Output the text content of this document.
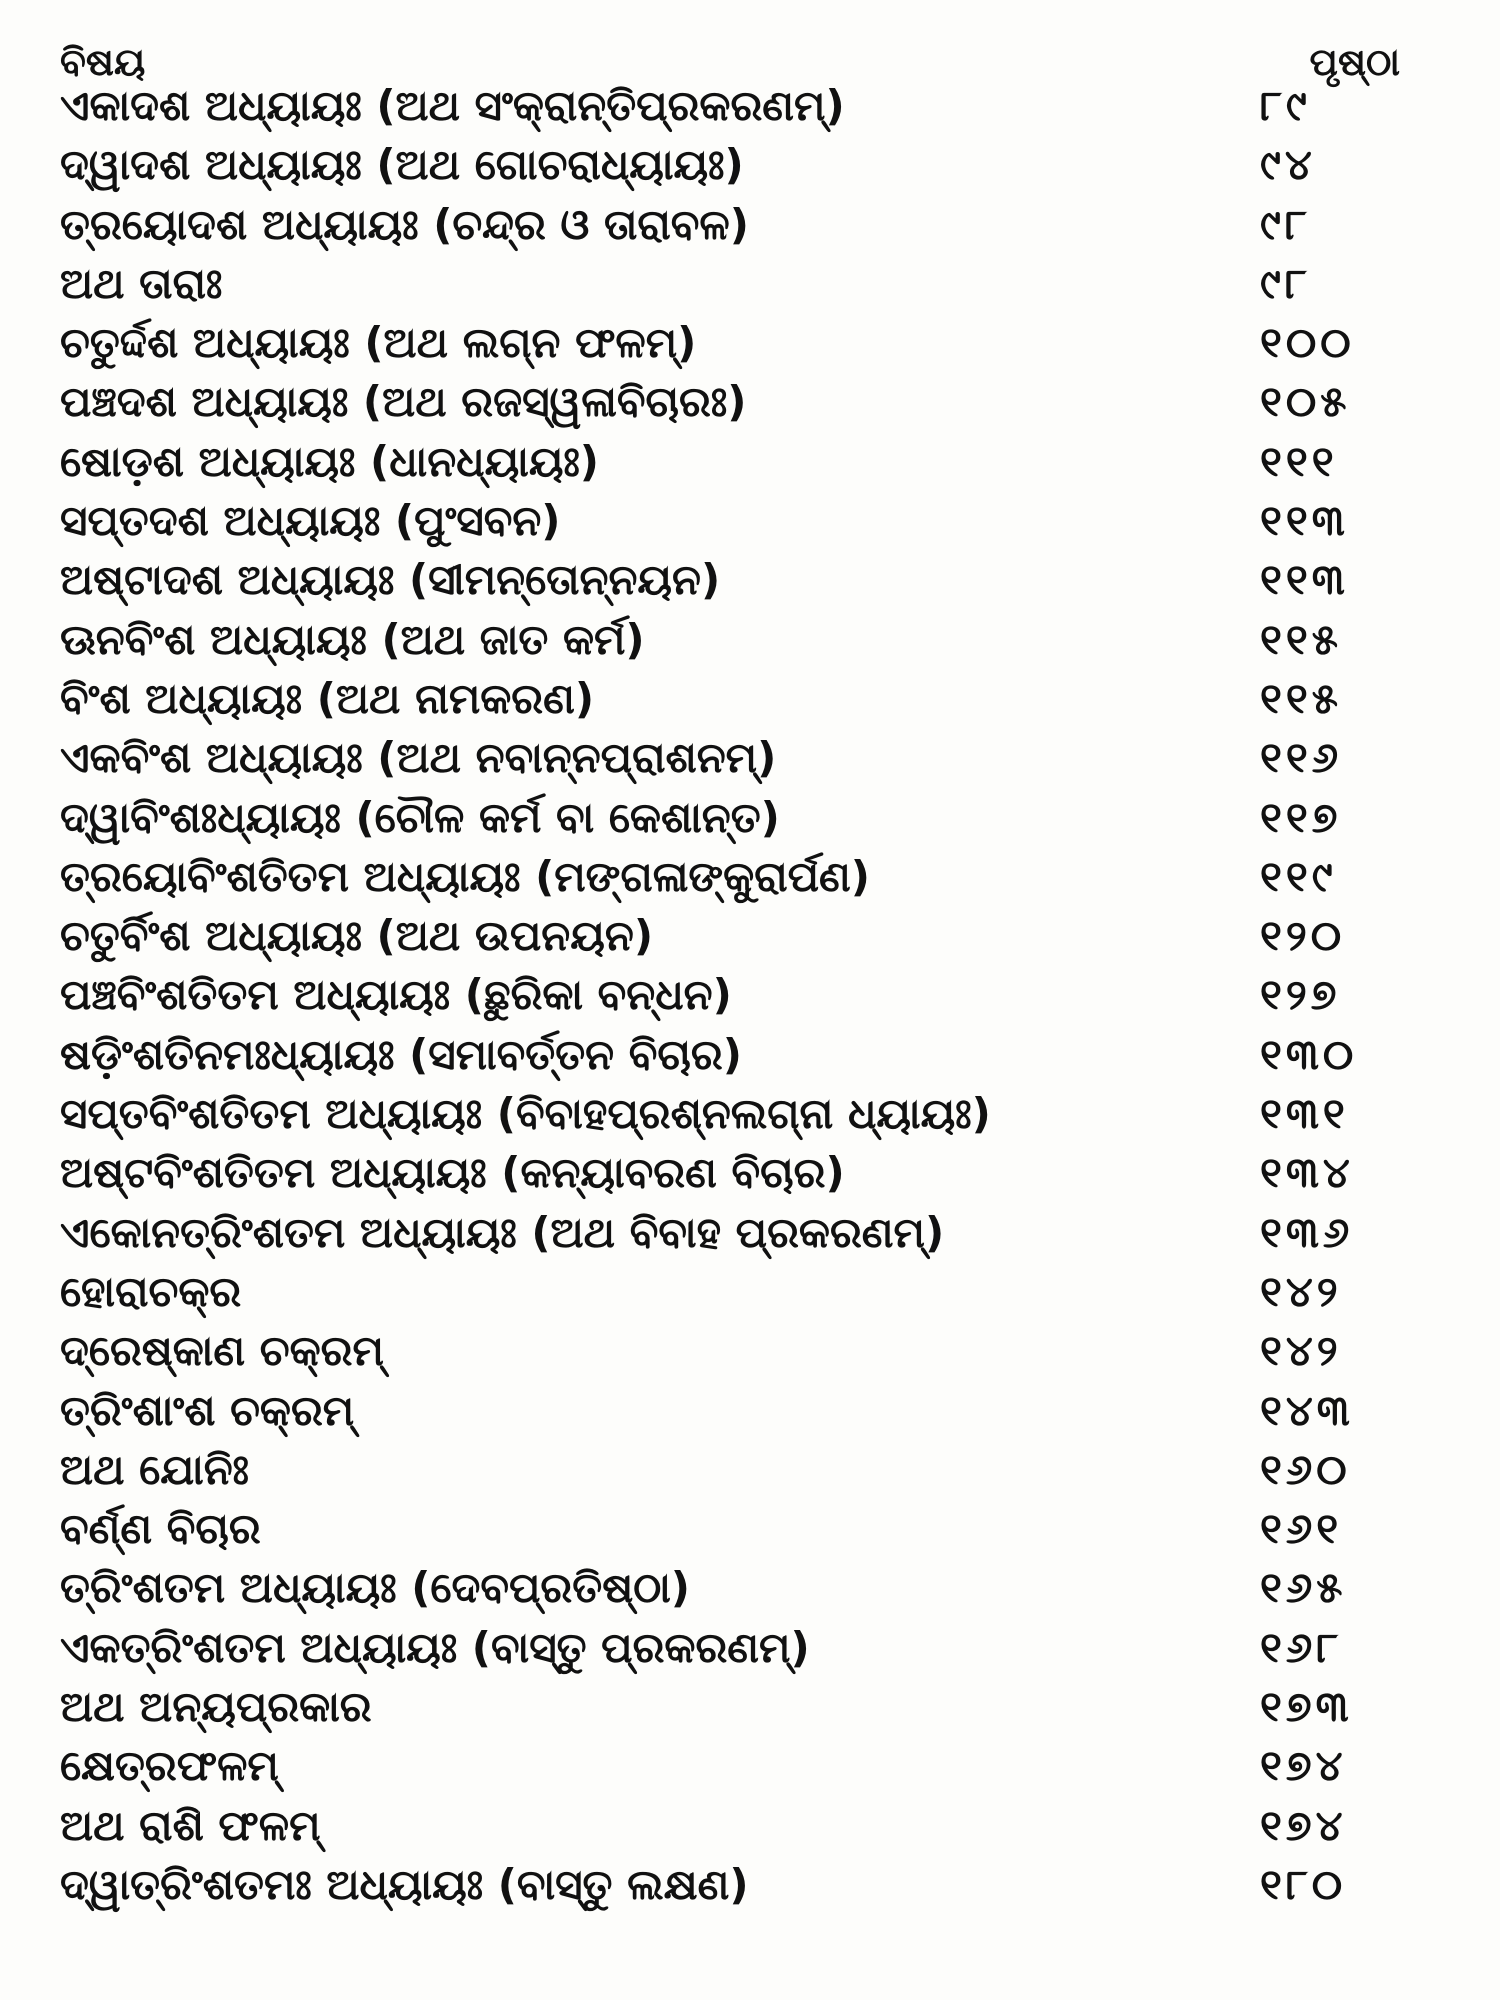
ବିଷୟ	ପୃଷ୍ଠା
ଏକାଦଶ ଅଧ୍ୟାୟଃ (ଅଥ ସଂକ୍ରାନ୍ତିପ୍ରକରଣମ୍)	୮୯
ଦ୍ୱାଦଶ ଅଧ୍ୟାୟଃ (ଅଥ ଗୋଚରାଧ୍ୟାୟଃ)	୯୪
ତ୍ରୟୋଦଶ ଅଧ୍ୟାୟଃ (ଚନ୍ଦ୍ର ଓ ତାରାବଳ)	୯୮
ଅଥ ତାରାଃ	୯୮
ଚତୁର୍ଦ୍ଦଶ ଅଧ୍ୟାୟଃ (ଅଥ ଲଗ୍ନ ଫଳମ୍)	୧୦୦
ପଞ୍ଚଦଶ ଅଧ୍ୟାୟଃ (ଅଥ ରଜସ୍ୱଳାବିଚାରଃ)	୧୦୫
ଷୋଡ଼ଶ ଅଧ୍ୟାୟଃ (ଧାନଧ୍ୟାୟଃ)	୧୧୧
ସପ୍ତଦଶ ଅଧ୍ୟାୟଃ (ପୁଂସବନ)	୧୧୩
ଅଷ୍ଟାଦଶ ଅଧ୍ୟାୟଃ (ସୀମନ୍ତୋନ୍ନୟନ)	୧୧୩
ଊନବିଂଶ ଅଧ୍ୟାୟଃ (ଅଥ ଜାତ କର୍ମ)	୧୧୫
ବିଂଶ ଅଧ୍ୟାୟଃ (ଅଥ ନାମକରଣ)	୧୧୫
ଏକବିଂଶ ଅଧ୍ୟାୟଃ (ଅଥ ନବାନ୍ନପ୍ରାଶନମ୍)	୧୧୬
ଦ୍ୱାବିଂଶଃଧ୍ୟାୟଃ (ଚୌଳ କର୍ମ ବା କେଶାନ୍ତ)	୧୧୭
ତ୍ରୟୋବିଂଶତିତମ ଅଧ୍ୟାୟଃ (ମଙ୍ଗଳାଙ୍କୁରାର୍ପଣ)	୧୧୯
ଚତୁର୍ବିଂଶ ଅଧ୍ୟାୟଃ (ଅଥ ଉପନୟନ)	୧୨୦
ପଞ୍ଚବିଂଶତିତମ ଅଧ୍ୟାୟଃ (ଛୁରିକା ବନ୍ଧନ)	୧୨୭
ଷଡ଼ିଂଶତିନମଃଧ୍ୟାୟଃ (ସମାବର୍ତ୍ତନ ବିଚାର)	୧୩୦
ସପ୍ତବିଂଶତିତମ ଅଧ୍ୟାୟଃ (ବିବାହପ୍ରଶ୍ନଲଗ୍ନା ଧ୍ୟାୟଃ)	୧୩୧
ଅଷ୍ଟବିଂଶତିତମ ଅଧ୍ୟାୟଃ (କନ୍ୟାବରଣ ବିଚାର)	୧୩୪
ଏକୋନତ୍ରିଂଶତମ ଅଧ୍ୟାୟଃ (ଅଥ ବିବାହ ପ୍ରକରଣମ୍)	୧୩୬
ହୋରାଚକ୍ର	୧୪୨
ଦ୍ରେଷ୍କାଣ ଚକ୍ରମ୍	୧୪୨
ତ୍ରିଂଶାଂଶ ଚକ୍ରମ୍	୧୪୩
ଅଥ ଯୋନିଃ	୧୬୦
ବର୍ଣ୍ଣ ବିଚାର	୧୬୧
ତ୍ରିଂଶତମ ଅଧ୍ୟାୟଃ (ଦେବପ୍ରତିଷ୍ଠା)	୧୬୫
ଏକତ୍ରିଂଶତମ ଅଧ୍ୟାୟଃ (ବାସ୍ତୁ ପ୍ରକରଣମ୍)	୧୬୮
ଅଥ ଅନ୍ୟପ୍ରକାର	୧୭୩
କ୍ଷେତ୍ରଫଳମ୍	୧୭୪
ଅଥ ରାଶି ଫଳମ୍	୧୭୪
ଦ୍ୱାତ୍ରିଂଶତମଃ ଅଧ୍ୟାୟଃ (ବାସ୍ତୁ ଲକ୍ଷଣ)	୧୮୦
